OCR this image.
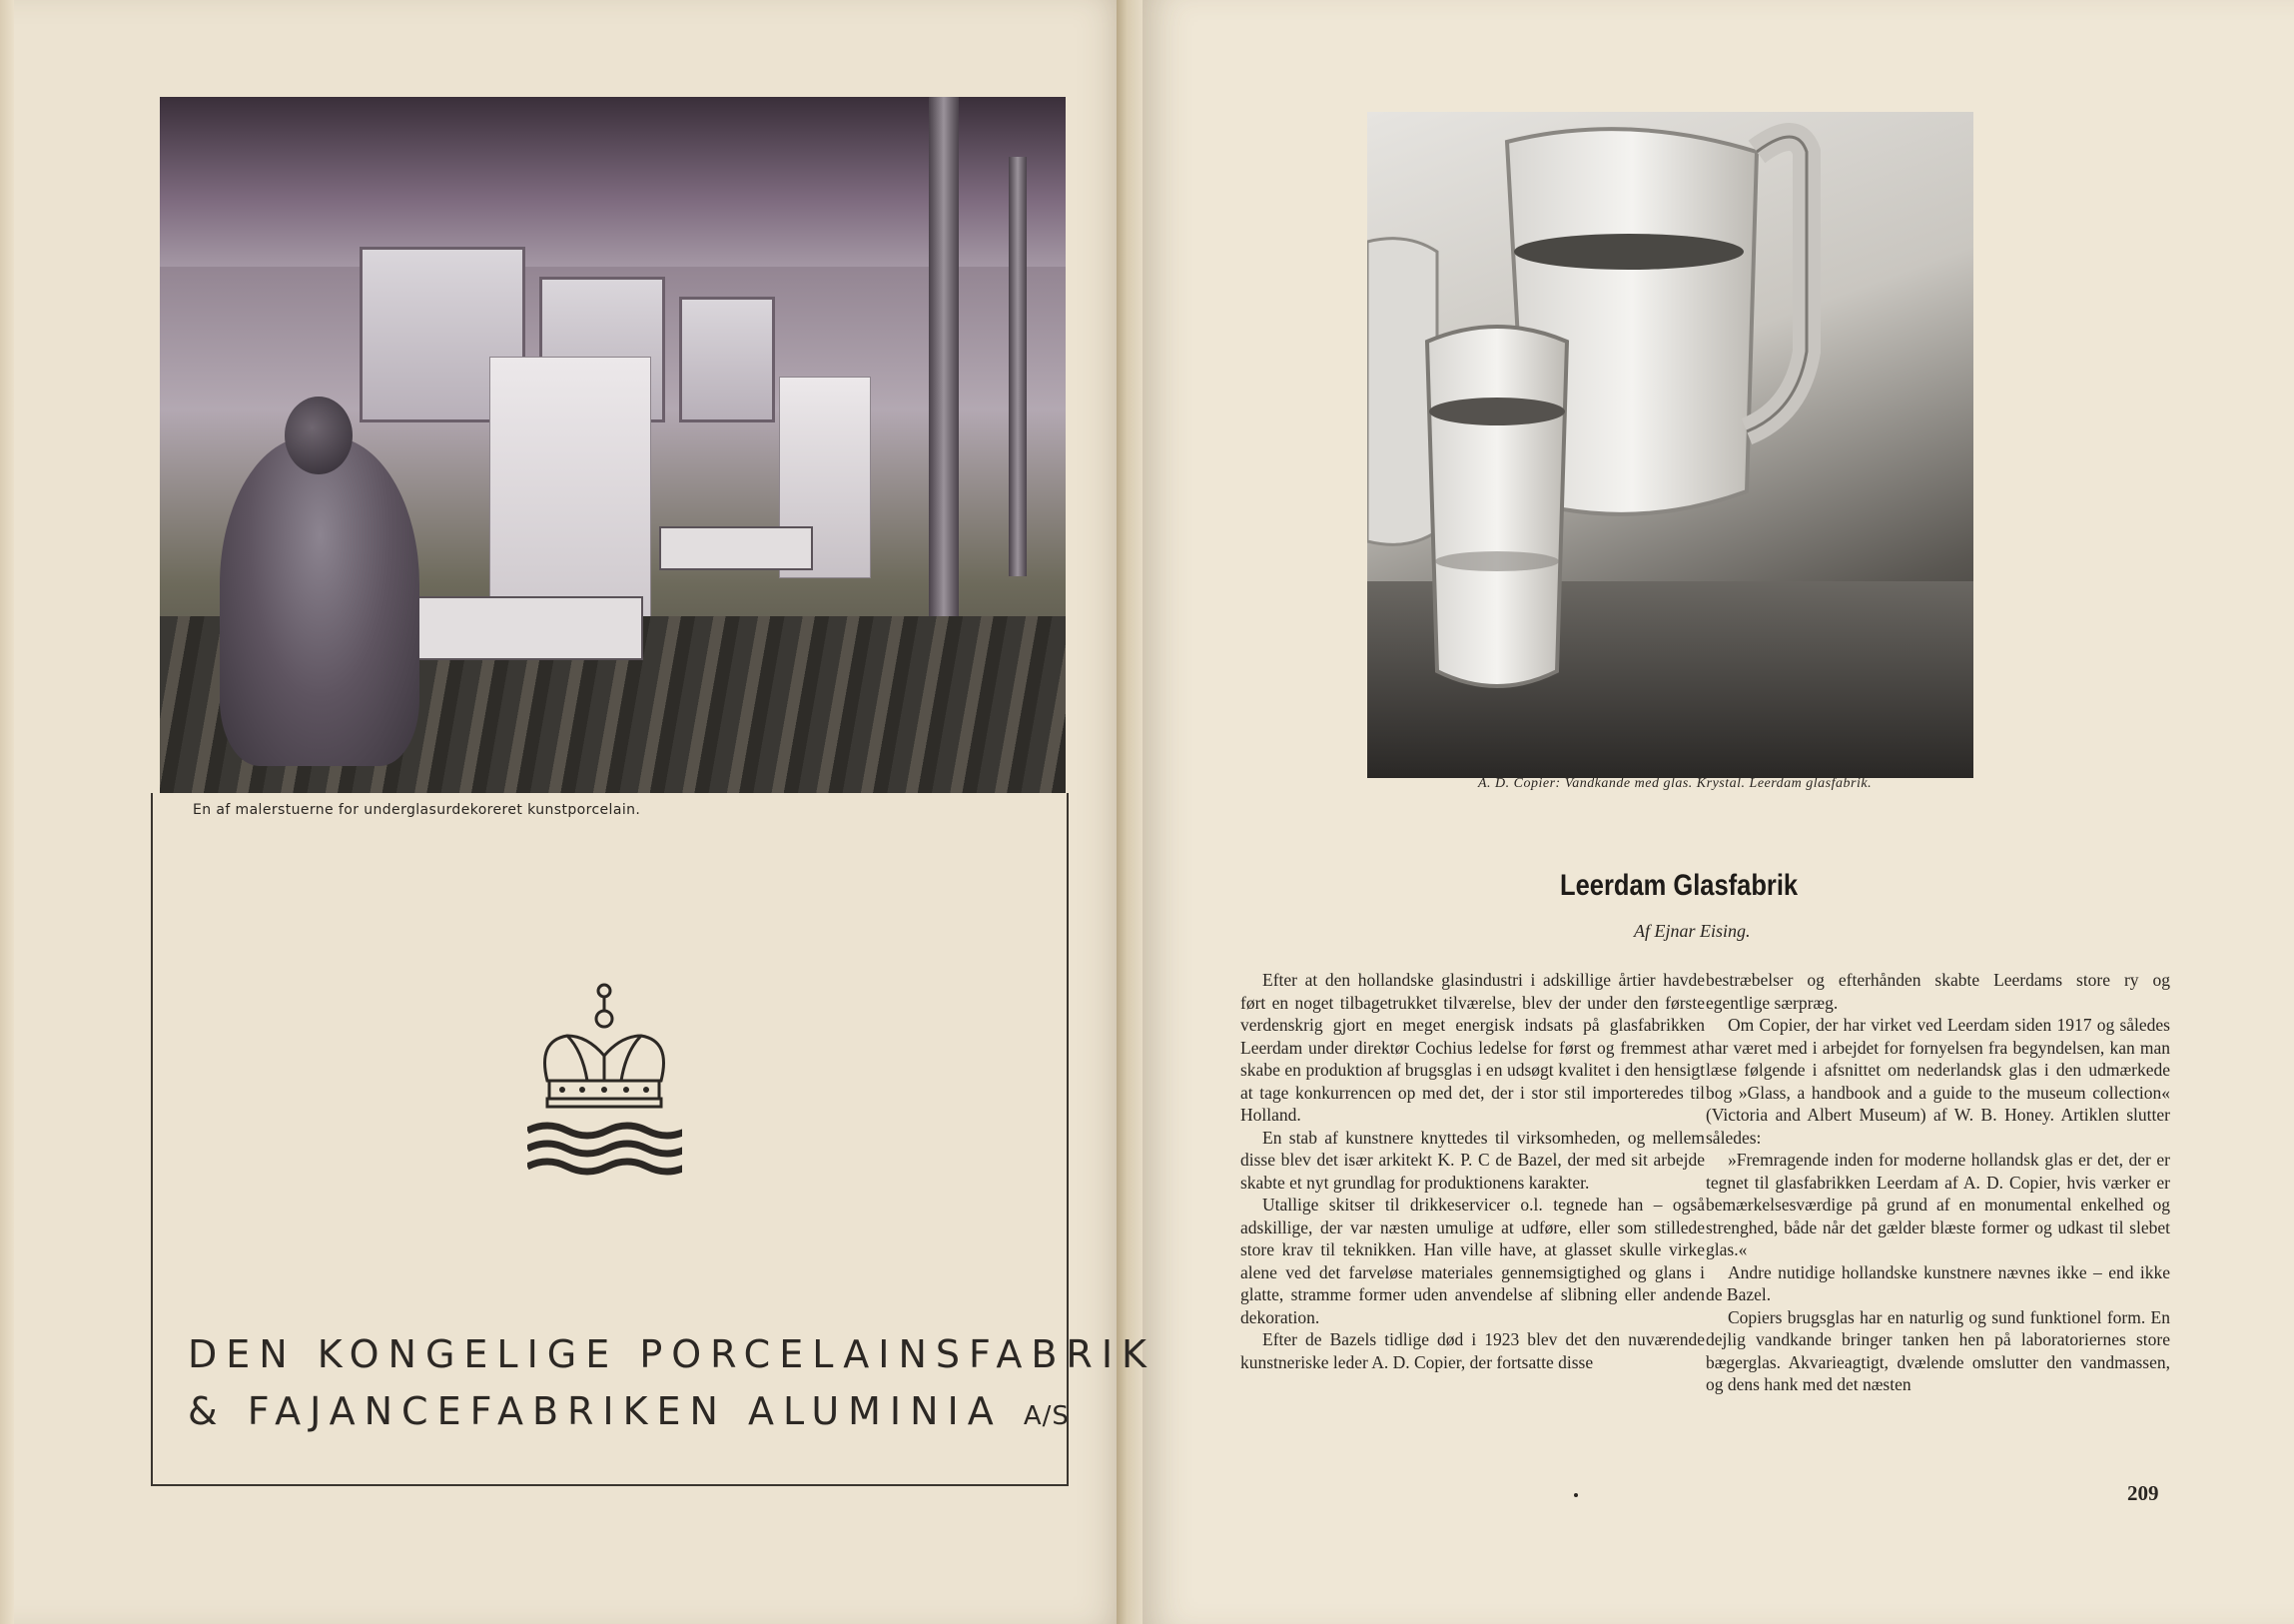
En af malerstuerne for underglasurdekoreret kunstporcelain.
DEN KONGELIGE PORCELAINSFABRIK
& FAJANCEFABRIKEN ALUMINIA A/S
A. D. Copier: Vandkande med glas. Krystal. Leerdam glasfabrik.
Leerdam Glasfabrik
Af Ejnar Eising.

Efter at den hollandske glasindustri i adskillige årtier havde ført en noget tilbagetrukket tilværelse, blev der under den første verdenskrig gjort en meget energisk indsats på glasfabrikken Leerdam under direktør Cochius ledelse for først og fremmest at skabe en produktion af brugsglas i en udsøgt kvalitet i den hensigt at tage konkurrencen op med det, der i stor stil importeredes til Holland.

En stab af kunstnere knyttedes til virksomheden, og mellem disse blev det især arkitekt K. P. C de Bazel, der med sit arbejde skabte et nyt grundlag for produktionens karakter.

Utallige skitser til drikkeservicer o.l. tegnede han – også adskillige, der var næsten umulige at udføre, eller som stillede store krav til teknikken. Han ville have, at glasset skulle virke alene ved det farveløse materiales gennemsigtighed og glans i glatte, stramme former uden anvendelse af slibning eller anden dekoration.

Efter de Bazels tidlige død i 1923 blev det den nuværende kunstneriske leder A. D. Copier, der fortsatte disse

bestræbelser og efterhånden skabte Leerdams store ry og egentlige særpræg.

Om Copier, der har virket ved Leerdam siden 1917 og således har været med i arbejdet for fornyelsen fra begyndelsen, kan man læse følgende i afsnittet om nederlandsk glas i den udmærkede bog »Glass, a handbook and a guide to the museum collection« (Victoria and Albert Museum) af W. B. Honey. Artiklen slutter således:

»Fremragende inden for moderne hollandsk glas er det, der er tegnet til glasfabrikken Leerdam af A. D. Copier, hvis værker er bemærkelsesværdige på grund af en monumental enkelhed og strenghed, både når det gælder blæste former og udkast til slebet glas.«

Andre nutidige hollandske kunstnere nævnes ikke – end ikke de Bazel.

Copiers brugsglas har en naturlig og sund funktionel form. En dejlig vandkande bringer tanken hen på laboratoriernes store bægerglas. Akvarieagtigt, dvælende omslutter den vandmassen, og dens hank med det næsten

209
